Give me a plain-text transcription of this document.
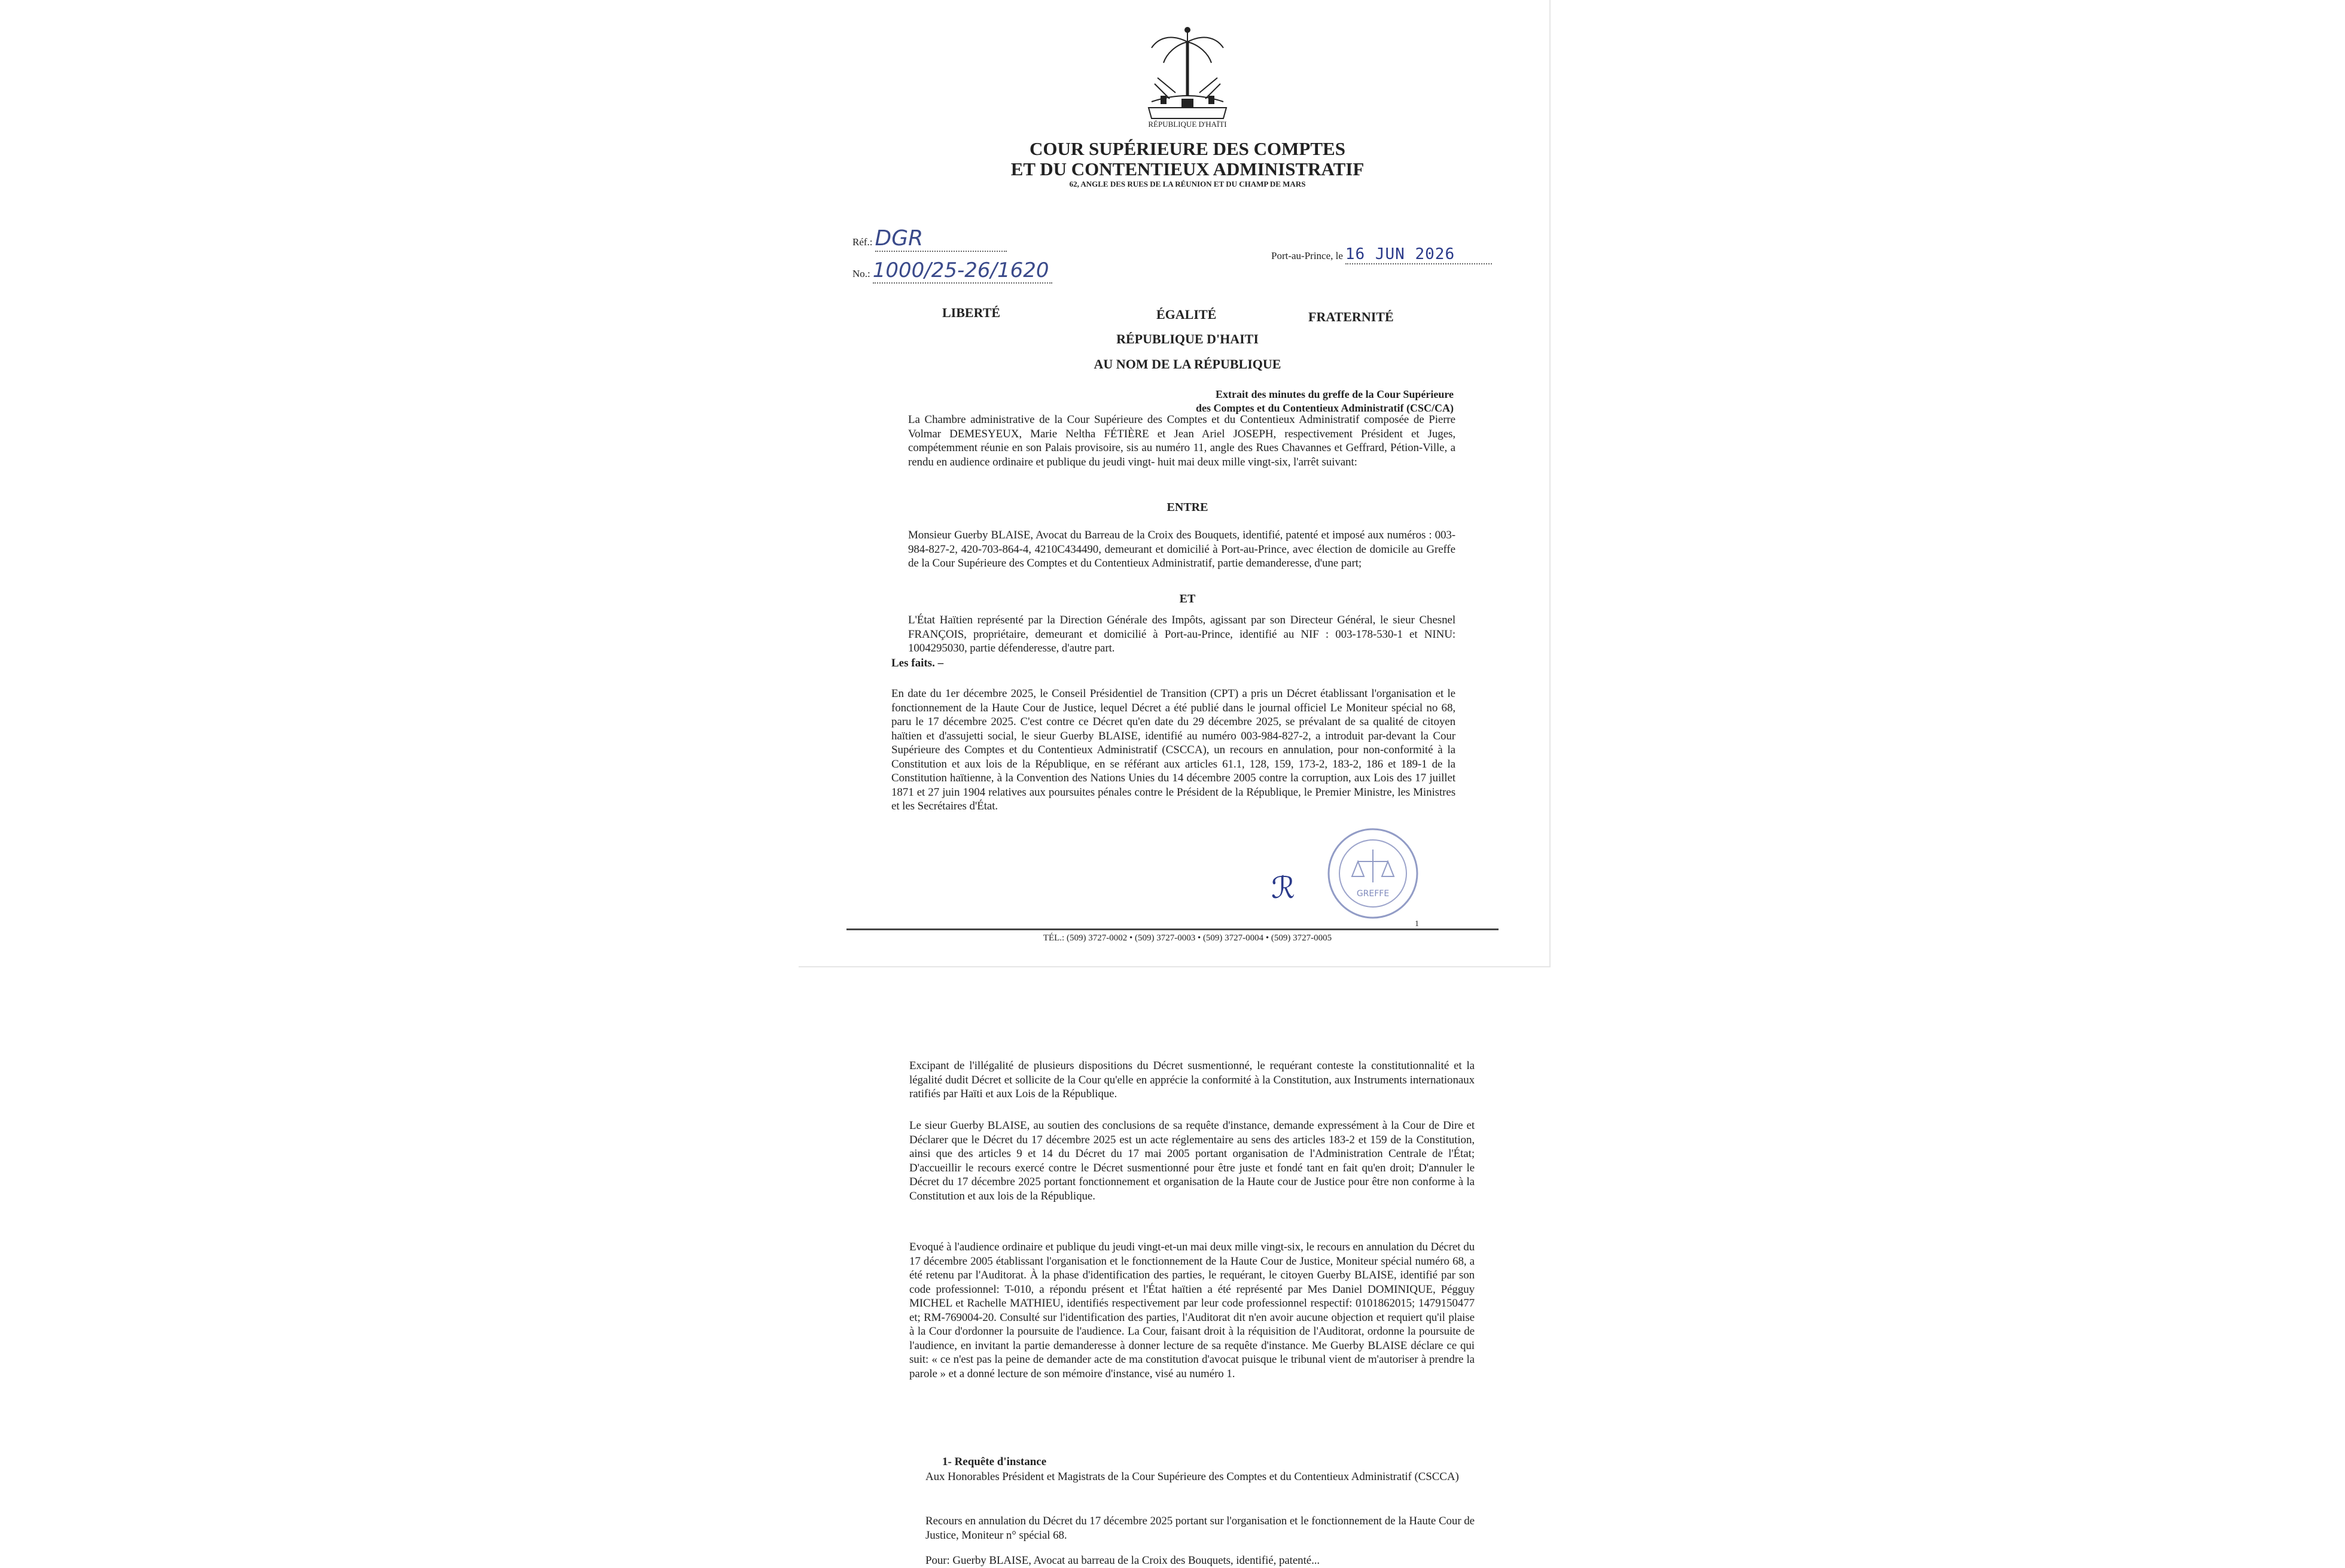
RÉPUBLIQUE D'HAÏTI
COUR SUPÉRIEURE DES COMPTES
ET DU CONTENTIEUX ADMINISTRATIF
62, ANGLE DES RUES DE LA RÉUNION ET DU CHAMP DE MARS
Réf.: DGR
No.: 1000/25-26/1620
Port-au-Prince, le 16 JUN 2026
LIBERTÉ	ÉGALITÉ	FRATERNITÉ
RÉPUBLIQUE D'HAITI
AU NOM DE LA RÉPUBLIQUE
Extrait des minutes du greffe de la Cour Supérieure
des Comptes et du Contentieux Administratif (CSC/CA)
La Chambre administrative de la Cour Supérieure des Comptes et du Contentieux Administratif composée de Pierre Volmar DEMESYEUX, Marie Neltha FÉTIÈRE et Jean Ariel JOSEPH, respectivement Président et Juges, compétemment réunie en son Palais provisoire, sis au numéro 11, angle des Rues Chavannes et Geffrard, Pétion-Ville, a rendu en audience ordinaire et publique du jeudi vingt- huit mai deux mille vingt-six, l'arrêt suivant:
ENTRE
Monsieur Guerby BLAISE, Avocat du Barreau de la Croix des Bouquets, identifié, patenté et imposé aux numéros : 003-984-827-2, 420-703-864-4, 4210C434490, demeurant et domicilié à Port-au-Prince, avec élection de domicile au Greffe de la Cour Supérieure des Comptes et du Contentieux Administratif, partie demanderesse, d'une part;
ET
L'État Haïtien représenté par la Direction Générale des Impôts, agissant par son Directeur Général, le sieur Chesnel FRANÇOIS, propriétaire, demeurant et domicilié à Port-au-Prince, identifié au NIF : 003-178-530-1 et NINU: 1004295030, partie défenderesse, d'autre part.
Les faits. –
En date du 1er décembre 2025, le Conseil Présidentiel de Transition (CPT) a pris un Décret établissant l'organisation et le fonctionnement de la Haute Cour de Justice, lequel Décret a été publié dans le journal officiel Le Moniteur spécial no 68, paru le 17 décembre 2025. C'est contre ce Décret qu'en date du 29 décembre 2025, se prévalant de sa qualité de citoyen haïtien et d'assujetti social, le sieur Guerby BLAISE, identifié au numéro 003-984-827-2, a introduit par-devant la Cour Supérieure des Comptes et du Contentieux Administratif (CSCCA), un recours en annulation, pour non-conformité à la Constitution et aux lois de la République, en se référant aux articles 61.1, 128, 159, 173-2, 183-2, 186 et 189-1 de la Constitution haïtienne, à la Convention des Nations Unies du 14 décembre 2005 contre la corruption, aux Lois des 17 juillet 1871 et 27 juin 1904 relatives aux poursuites pénales contre le Président de la République, le Premier Ministre, les Ministres et les Secrétaires d'État.
GREFFE
ℛ
1
TÉL.: (509) 3727-0002 • (509) 3727-0003 • (509) 3727-0004 • (509) 3727-0005
Excipant de l'illégalité de plusieurs dispositions du Décret susmentionné, le requérant conteste la constitutionnalité et la légalité dudit Décret et sollicite de la Cour qu'elle en apprécie la conformité à la Constitution, aux Instruments internationaux ratifiés par Haïti et aux Lois de la République.
Le sieur Guerby BLAISE, au soutien des conclusions de sa requête d'instance, demande expressément à la Cour de Dire et Déclarer que le Décret du 17 décembre 2025 est un acte réglementaire au sens des articles 183-2 et 159 de la Constitution, ainsi que des articles 9 et 14 du Décret du 17 mai 2005 portant organisation de l'Administration Centrale de l'État; D'accueillir le recours exercé contre le Décret susmentionné pour être juste et fondé tant en fait qu'en droit; D'annuler le Décret du 17 décembre 2025 portant fonctionnement et organisation de la Haute cour de Justice pour être non conforme à la Constitution et aux lois de la République.
Evoqué à l'audience ordinaire et publique du jeudi vingt-et-un mai deux mille vingt-six, le recours en annulation du Décret du 17 décembre 2005 établissant l'organisation et le fonctionnement de la Haute Cour de Justice, Moniteur spécial numéro 68, a été retenu par l'Auditorat. À la phase d'identification des parties, le requérant, le citoyen Guerby BLAISE, identifié par son code professionnel: T-010, a répondu présent et l'État haïtien a été représenté par Mes Daniel DOMINIQUE, Pégguy MICHEL et Rachelle MATHIEU, identifiés respectivement par leur code professionnel respectif: 0101862015; 1479150477 et; RM-769004-20. Consulté sur l'identification des parties, l'Auditorat dit n'en avoir aucune objection et requiert qu'il plaise à la Cour d'ordonner la poursuite de l'audience. La Cour, faisant droit à la réquisition de l'Auditorat, ordonne la poursuite de l'audience, en invitant la partie demanderesse à donner lecture de sa requête d'instance. Me Guerby BLAISE déclare ce qui suit: « ce n'est pas la peine de demander acte de ma constitution d'avocat puisque le tribunal vient de m'autoriser à prendre la parole » et a donné lecture de son mémoire d'instance, visé au numéro 1.
1- Requête d'instance
Aux Honorables Président et Magistrats de la Cour Supérieure des Comptes et du Contentieux Administratif (CSCCA)
Recours en annulation du Décret du 17 décembre 2025 portant sur l'organisation et le fonctionnement de la Haute Cour de Justice, Moniteur n° spécial 68.
Pour: Guerby BLAISE, Avocat au barreau de la Croix des Bouquets, identifié, patenté...
